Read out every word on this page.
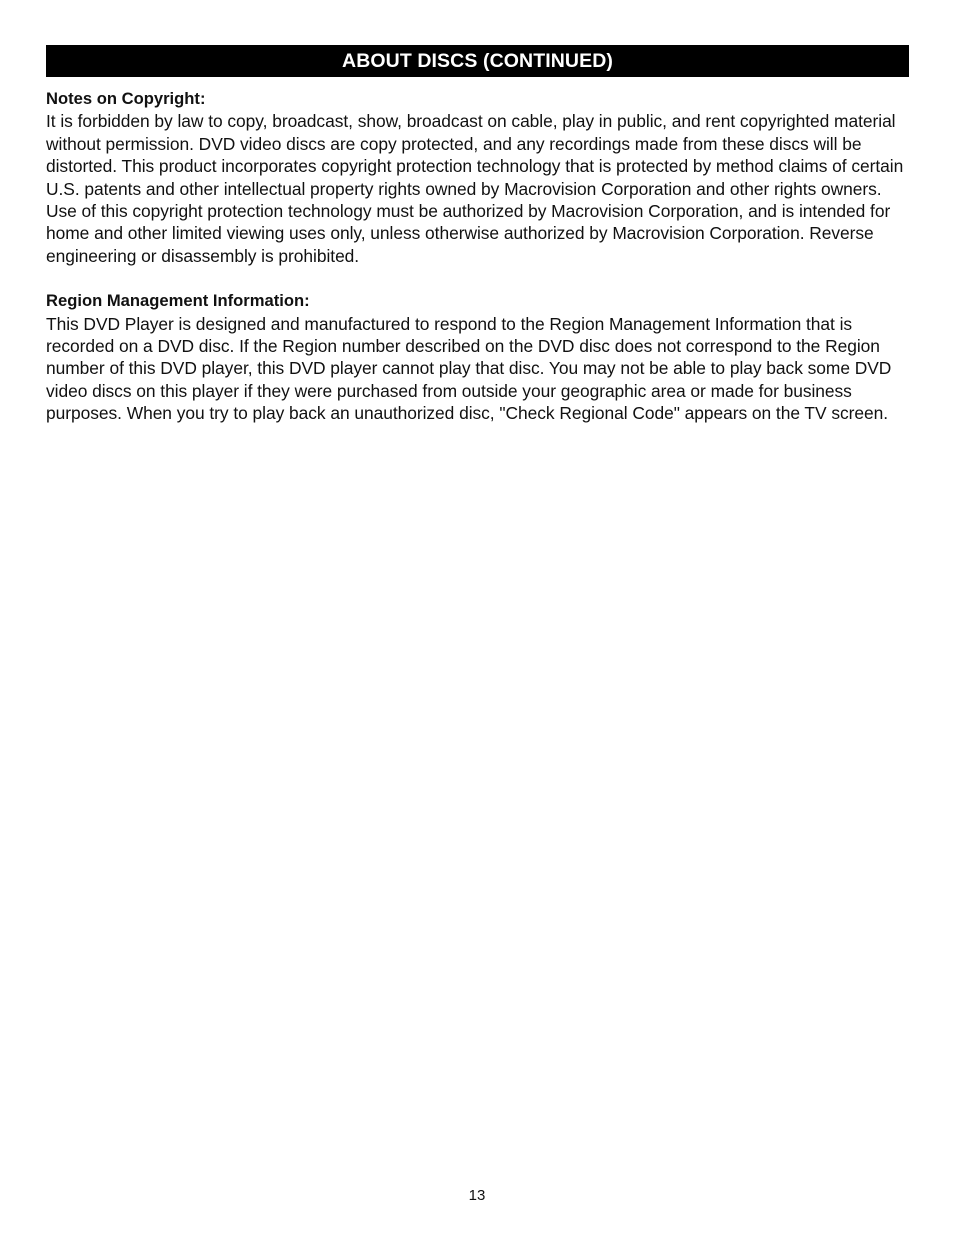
ABOUT DISCS (CONTINUED)

Notes on Copyright:

It is forbidden by law to copy, broadcast, show, broadcast on cable, play in public, and rent copyrighted material without permission. DVD video discs are copy protected, and any recordings made from these discs will be distorted. This product incorporates copyright protection technology that is protected by method claims of certain U.S. patents and other intellectual property rights owned by Macrovision Corporation and other rights owners. Use of this copyright protection technology must be authorized by Macrovision Corporation, and is intended for home and other limited viewing uses only, unless otherwise authorized by Macrovision Corporation. Reverse engineering or disassembly is prohibited.

Region Management Information:

This DVD Player is designed and manufactured to respond to the Region Management Information that is recorded on a DVD disc. If the Region number described on the DVD disc does not correspond to the Region number of this DVD player, this DVD player cannot play that disc. You may not be able to play back some DVD video discs on this player if they were purchased from outside your geographic area or made for business purposes. When you try to play back an unauthorized disc, "Check Regional Code" appears on the TV screen.

13
